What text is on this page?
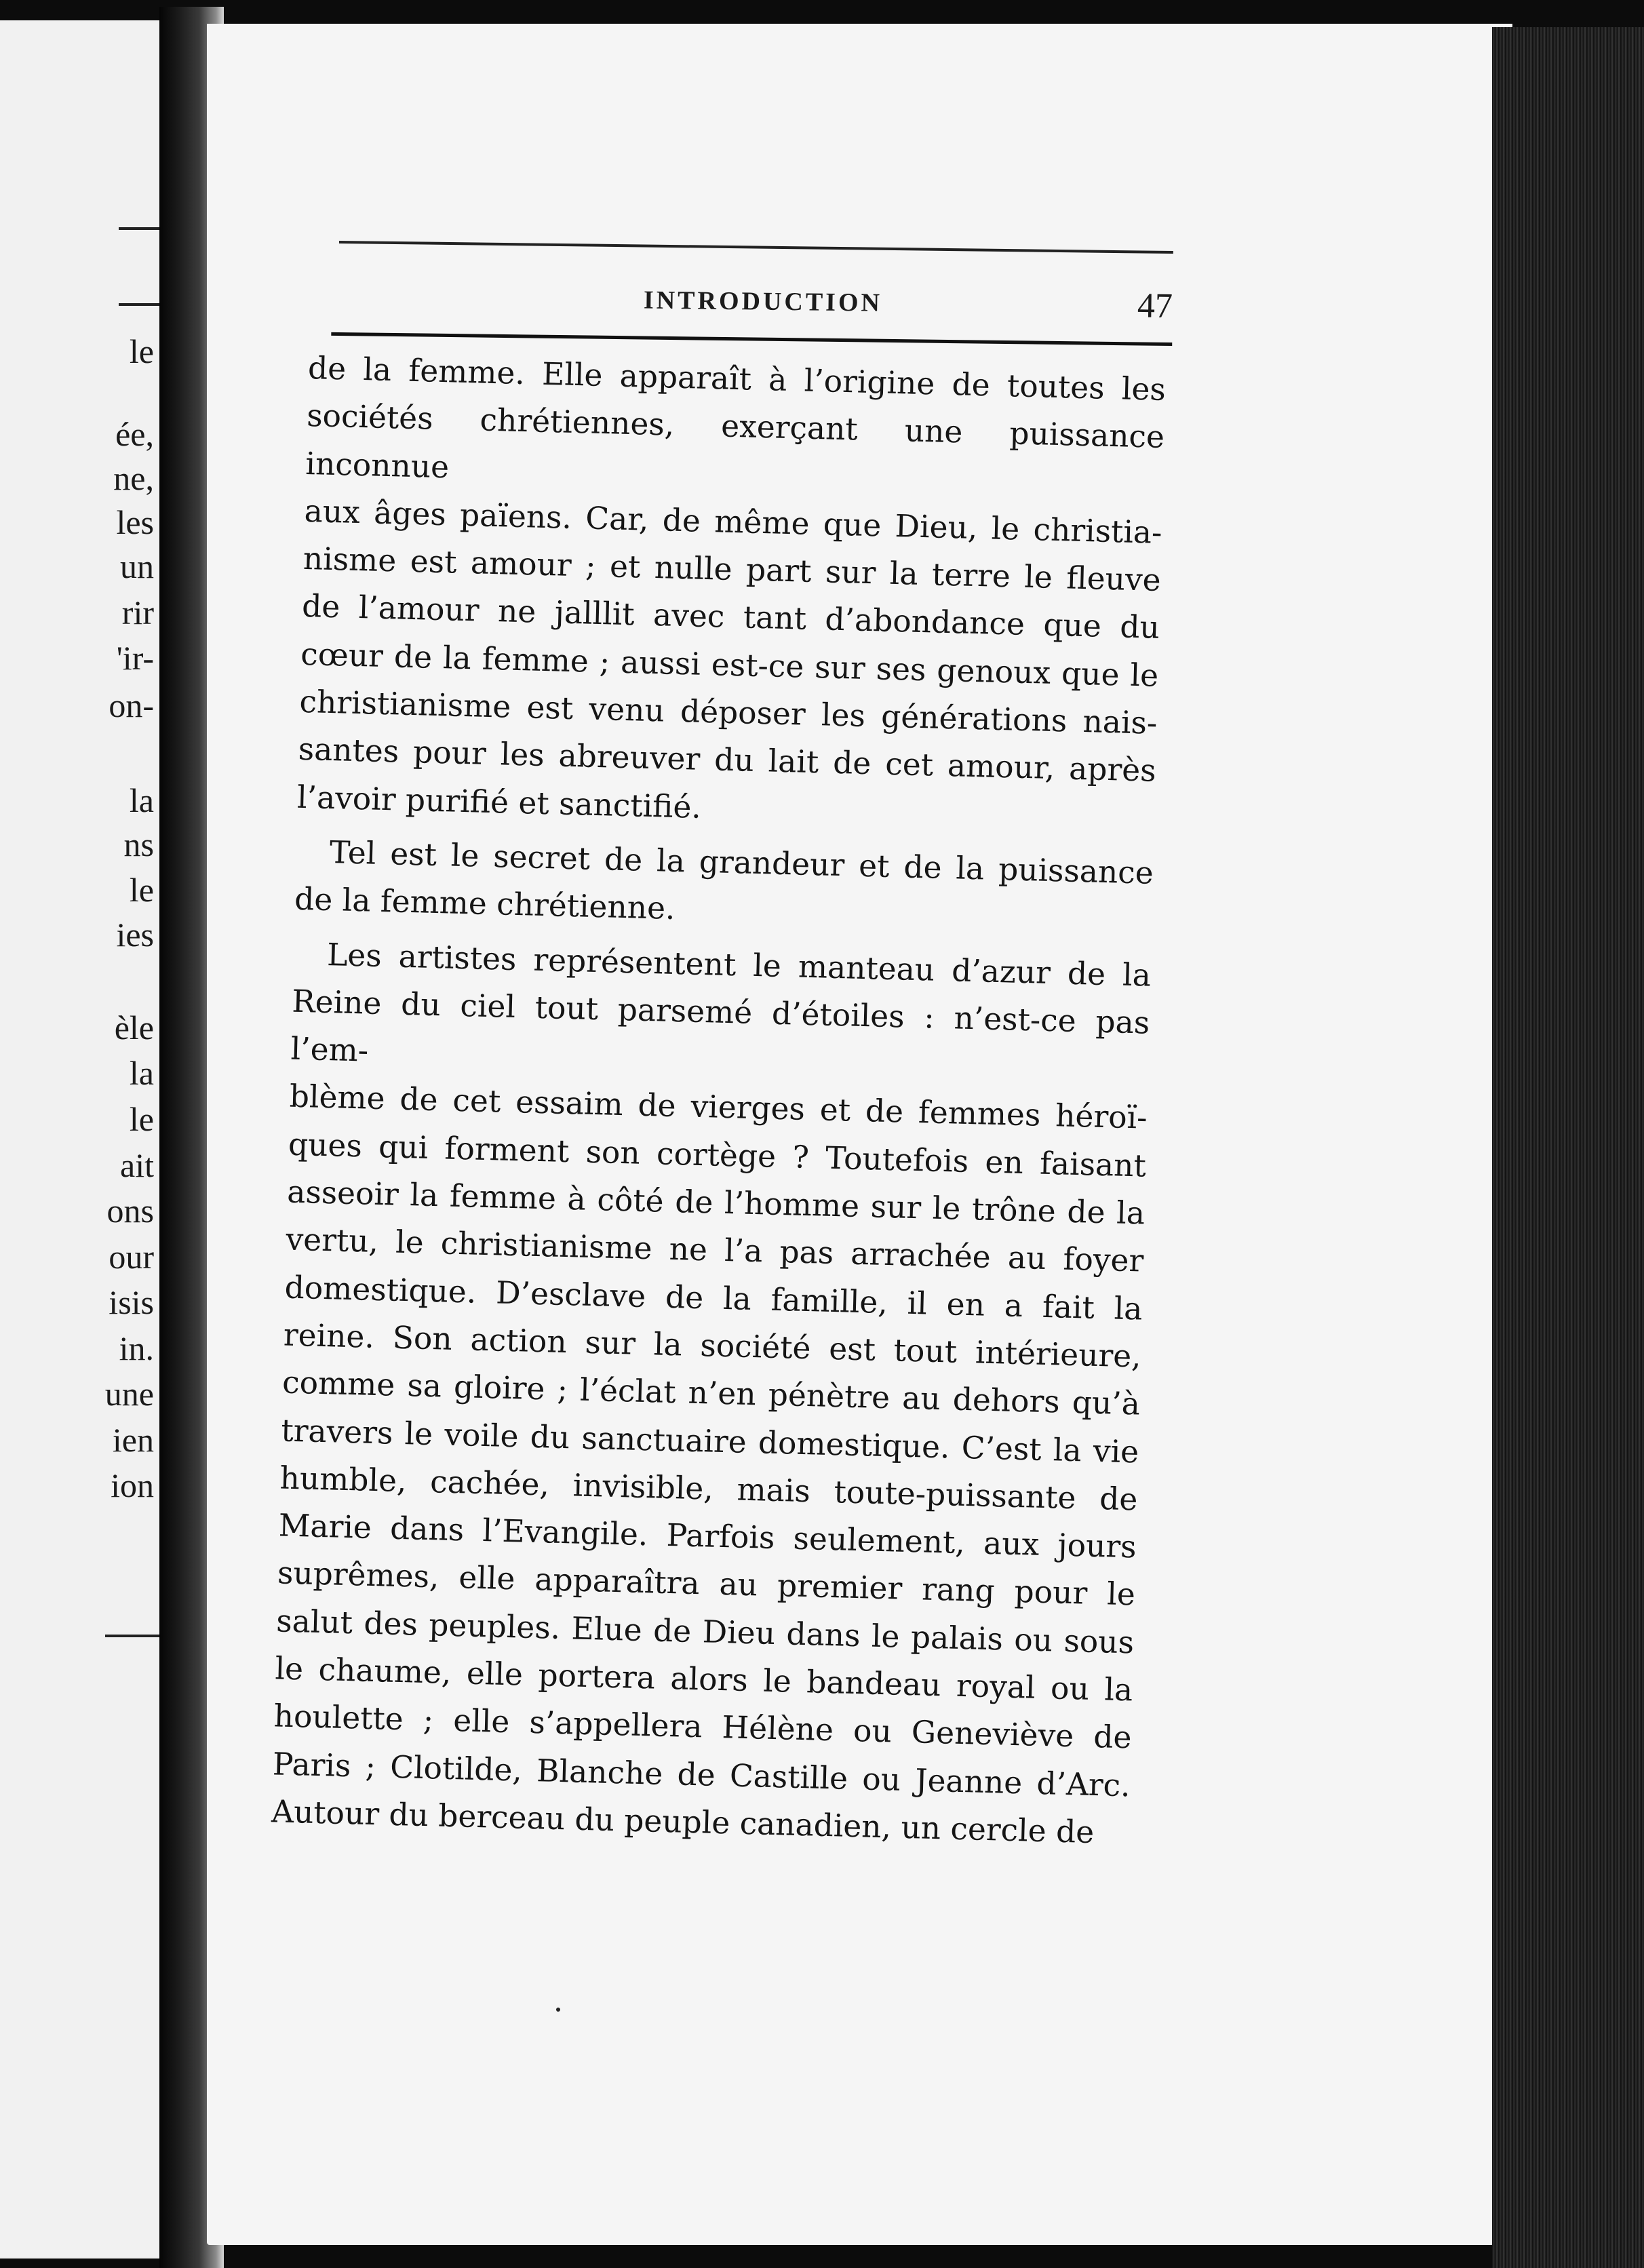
le
ée,
ne,
les
un
rir
'ir-
on-
la
ns
le
ies
èle
la
le
ait
ons
our
isis
in.
une
ien
ion
INTRODUCTION	47

de la femme. Elle apparaît à l’origine de toutes les
sociétés chrétiennes, exerçant une puissance inconnue
aux âges païens. Car, de même que Dieu, le christia-
nisme est amour ; et nulle part sur la terre le fleuve
de l’amour ne jalllit avec tant d’abondance que du
cœur de la femme ; aussi est-ce sur ses genoux que le
christianisme est venu déposer les générations nais-
santes pour les abreuver du lait de cet amour, après
l’avoir purifié et sanctifié.

Tel est le secret de la grandeur et de la puissance
de la femme chrétienne.

Les artistes représentent le manteau d’azur de la
Reine du ciel tout parsemé d’étoiles : n’est-ce pas l’em-
blème de cet essaim de vierges et de femmes héroï-
ques qui forment son cortège ? Toutefois en faisant
asseoir la femme à côté de l’homme sur le trône de la
vertu, le christianisme ne l’a pas arrachée au foyer
domestique. D’esclave de la famille, il en a fait la
reine. Son action sur la société est tout intérieure,
comme sa gloire ; l’éclat n’en pénètre au dehors qu’à
travers le voile du sanctuaire domestique. C’est la vie
humble, cachée, invisible, mais toute-puissante de
Marie dans l’Evangile. Parfois seulement, aux jours
suprêmes, elle apparaîtra au premier rang pour le
salut des peuples. Elue de Dieu dans le palais ou sous
le chaume, elle portera alors le bandeau royal ou la
houlette ; elle s’appellera Hélène ou Geneviève de
Paris ; Clotilde, Blanche de Castille ou Jeanne d’Arc.
Autour du berceau du peuple canadien, un cercle de
